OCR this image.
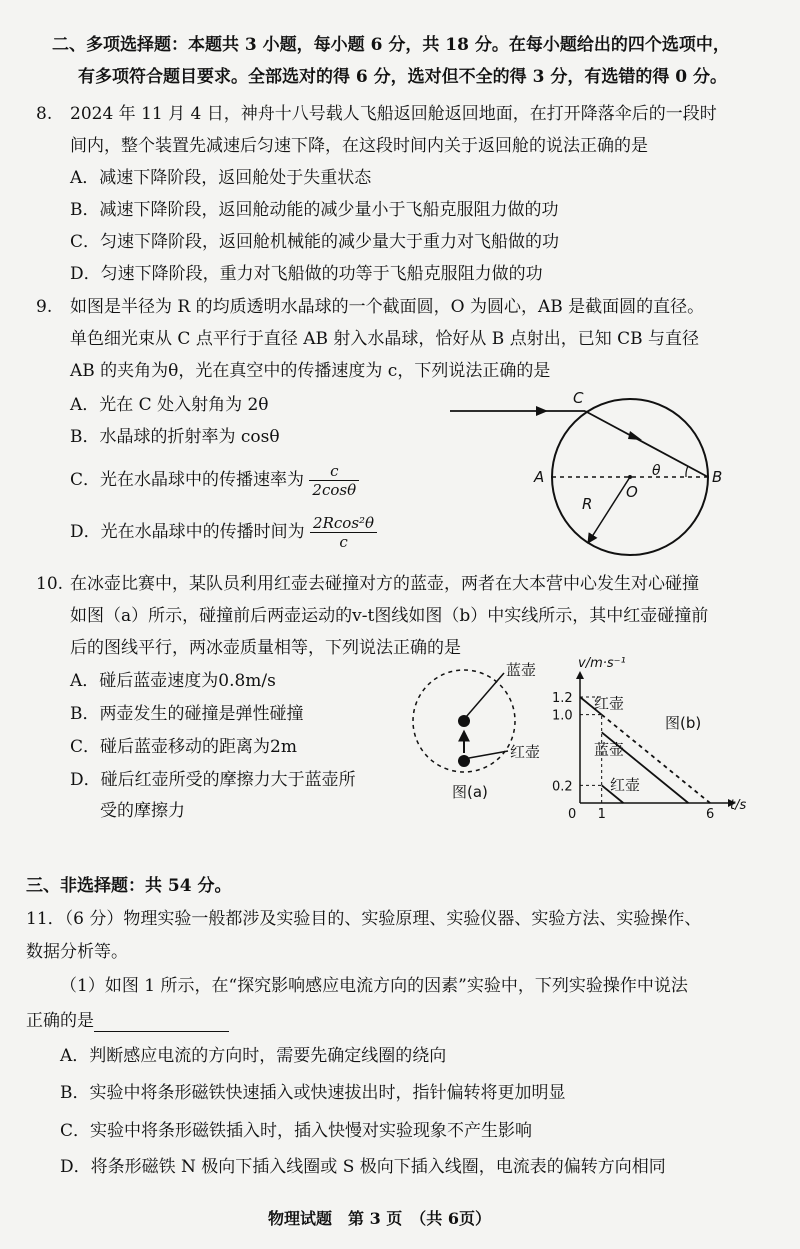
二、多项选择题：本题共 3 小题，每小题 6 分，共 18 分。在每小题给出的四个选项中，
有多项符合题目要求。全部选对的得 6 分，选对但不全的得 3 分，有选错的得 0 分。
8. 2024 年 11 月 4 日，神舟十八号载人飞船返回舱返回地面，在打开降落伞后的一段时
间内，整个装置先减速后匀速下降，在这段时间内关于返回舱的说法正确的是
A．减速下降阶段，返回舱处于失重状态
B．减速下降阶段，返回舱动能的减少量小于飞船克服阻力做的功
C．匀速下降阶段，返回舱机械能的减少量大于重力对飞船做的功
D．匀速下降阶段，重力对飞船做的功等于飞船克服阻力做的功
9. 如图是半径为 R 的均质透明水晶球的一个截面圆，O 为圆心，AB 是截面圆的直径。
单色细光束从 C 点平行于直径 AB 射入水晶球，恰好从 B 点射出，已知 CB 与直径
AB 的夹角为θ，光在真空中的传播速度为 c，下列说法正确的是
A．光在 C 处入射角为 2θ
B．水晶球的折射率为 cosθ
C．光在水晶球中的传播速率为 $\frac{c}{2\cos\theta}$
D．光在水晶球中的传播时间为 $\frac{\text{2Rcos²θ}}{c}$
C
A	B
O
R
θ
10. 在冰壶比赛中，某队员利用红壶去碰撞对方的蓝壶，两者在大本营中心发生对心碰撞
如图（a）所示，碰撞前后两壶运动的v-t图线如图（b）中实线所示，其中红壶碰撞前
后的图线平行，两冰壶质量相等，下列说法正确的是
A．碰后蓝壶速度为0.8m/s
B．两壶发生的碰撞是弹性碰撞
C．碰后蓝壶移动的距离为2m
D．碰后红壶所受的摩擦力大于蓝壶所
受的摩擦力
蓝壶
红壶
图(a)	0.2
1.0
1.2
0 1	6
v/m·s⁻¹
t/s
红壶
蓝壶
红壶
图(b)
三、非选择题：共 54 分。
11．（6 分）物理实验一般都涉及实验目的、实验原理、实验仪器、实验方法、实验操作、
数据分析等。
（1）如图 1 所示，在“探究影响感应电流方向的因素”实验中，下列实验操作中说法
正确的是
A．判断感应电流的方向时，需要先确定线圈的绕向
B．实验中将条形磁铁快速插入或快速拔出时，指针偏转将更加明显
C．实验中将条形磁铁插入时，插入快慢对实验现象不产生影响
D．将条形磁铁 N 极向下插入线圈或 S 极向下插入线圈，电流表的偏转方向相同
物理试题　第 3 页　（共 6页）
